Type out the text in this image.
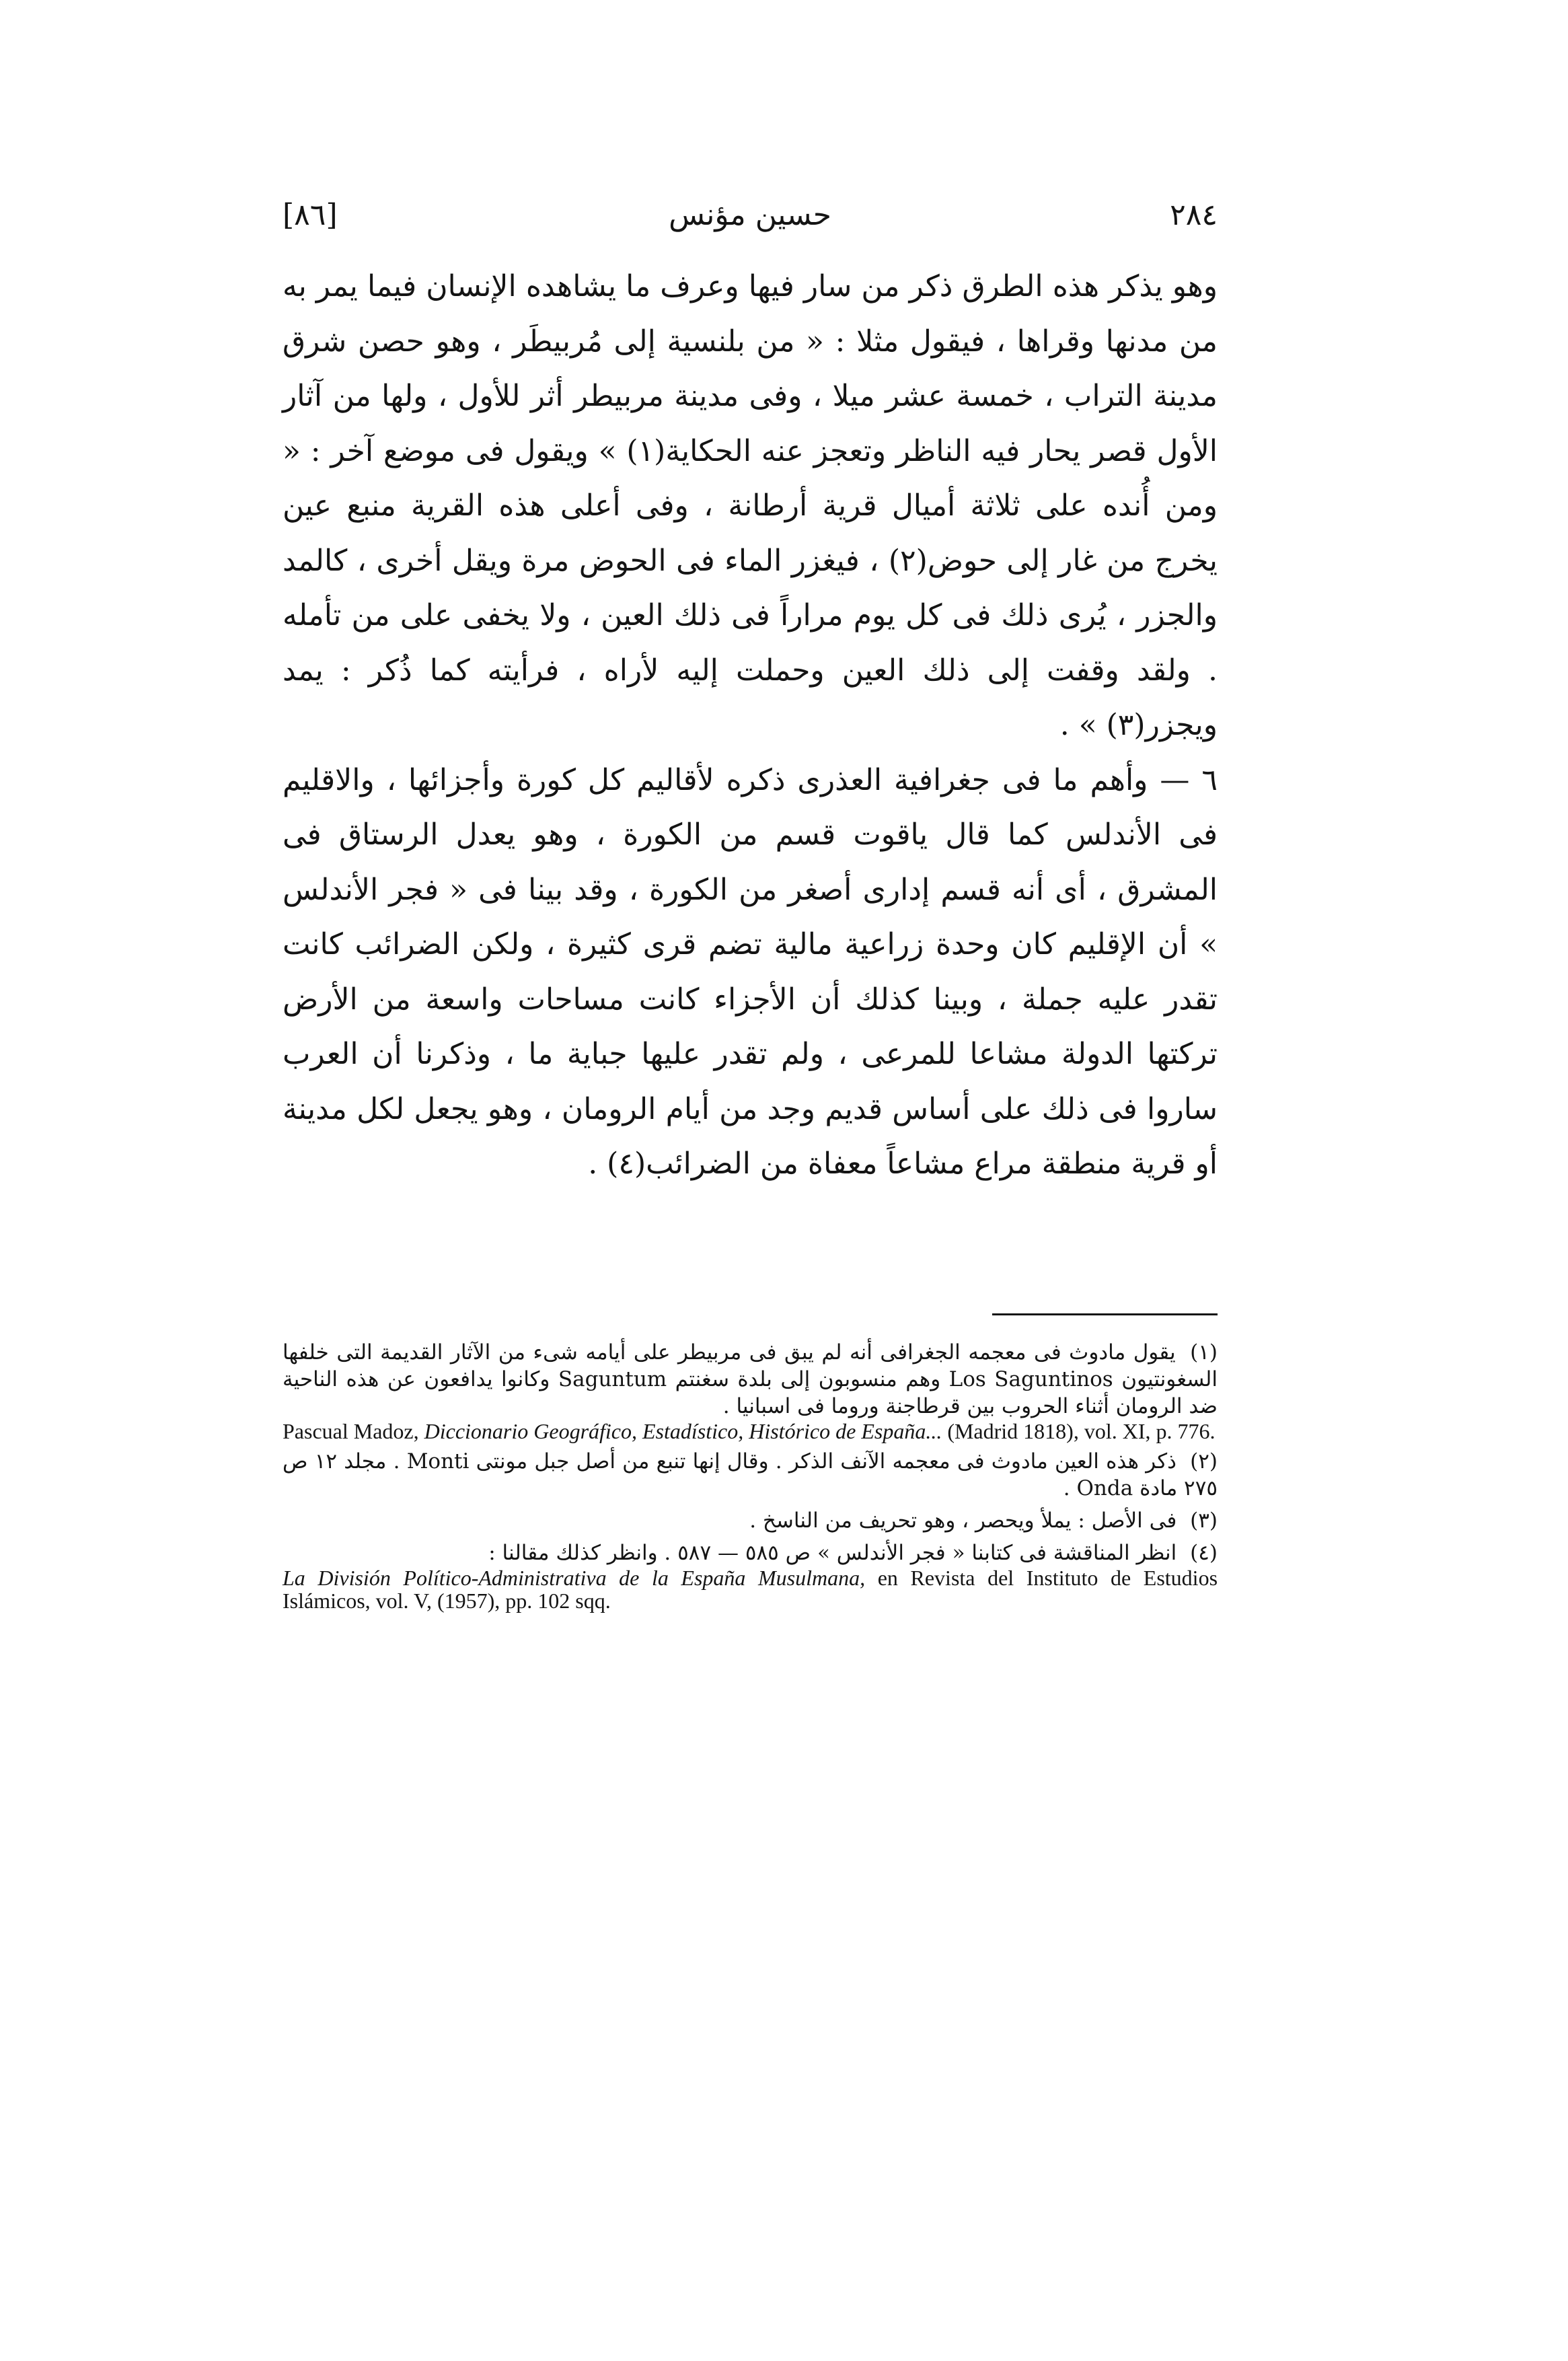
[٨٦]	حسين مؤنس	٢٨٤

وهو يذكر هذه الطرق ذكر من سار فيها وعرف ما يشاهده الإنسان فيما يمر به من مدنها وقراها ، فيقول مثلا : « من بلنسية إلى مُربيطَر ، وهو حصن شرق مدينة التراب ، خمسة عشر ميلا ، وفى مدينة مربيطر أثر للأول ، ولها من آثار الأول قصر يحار فيه الناظر وتعجز عنه الحكاية(١) » ويقول فى موضع آخر : « ومن أُنده على ثلاثة أميال قرية أرطانة ، وفى أعلى هذه القرية منبع عين يخرج من غار إلى حوض(٢) ، فيغزر الماء فى الحوض مرة ويقل أخرى ، كالمد والجزر ، يُرى ذلك فى كل يوم مراراً فى ذلك العين ، ولا يخفى على من تأمله . ولقد وقفت إلى ذلك العين وحملت إليه لأراه ، فرأيته كما ذُكر : يمد ويجزر(٣) » .

٦ — وأهم ما فى جغرافية العذرى ذكره لأقاليم كل كورة وأجزائها ، والاقليم فى الأندلس كما قال ياقوت قسم من الكورة ، وهو يعدل الرستاق فى المشرق ، أى أنه قسم إدارى أصغر من الكورة ، وقد بينا فى « فجر الأندلس » أن الإقليم كان وحدة زراعية مالية تضم قرى كثيرة ، ولكن الضرائب كانت تقدر عليه جملة ، وبينا كذلك أن الأجزاء كانت مساحات واسعة من الأرض تركتها الدولة مشاعا للمرعى ، ولم تقدر عليها جباية ما ، وذكرنا أن العرب ساروا فى ذلك على أساس قديم وجد من أيام الرومان ، وهو يجعل لكل مدينة أو قرية منطقة مراع مشاعاً معفاة من الضرائب(٤) .

(١) يقول مادوث فى معجمه الجغرافى أنه لم يبق فى مربيطر على أيامه شىء من الآثار القديمة التى خلفها السغونتيون Los Saguntinos وهم منسوبون إلى بلدة سغنتم Saguntum وكانوا يدافعون عن هذه الناحية ضد الرومان أثناء الحروب بين قرطاجنة وروما فى اسبانيا .

Pascual Madoz, Diccionario Geográfico, Estadístico, Histórico de España... (Madrid 1818), vol. XI, p. 776.

(٢) ذكر هذه العين مادوث فى معجمه الآنف الذكر . وقال إنها تنبع من أصل جبل مونتى Monti . مجلد ١٢ ص ٢٧٥ مادة Onda .

(٣) فى الأصل : يملأ ويحصر ، وهو تحريف من الناسخ .

(٤) انظر المناقشة فى كتابنا « فجر الأندلس » ص ٥٨٥ — ٥٨٧ . وانظر كذلك مقالنا :

La División Político-Administrativa de la España Musulmana, en Revista del Instituto de Estudios Islámicos, vol. V, (1957), pp. 102 sqq.
